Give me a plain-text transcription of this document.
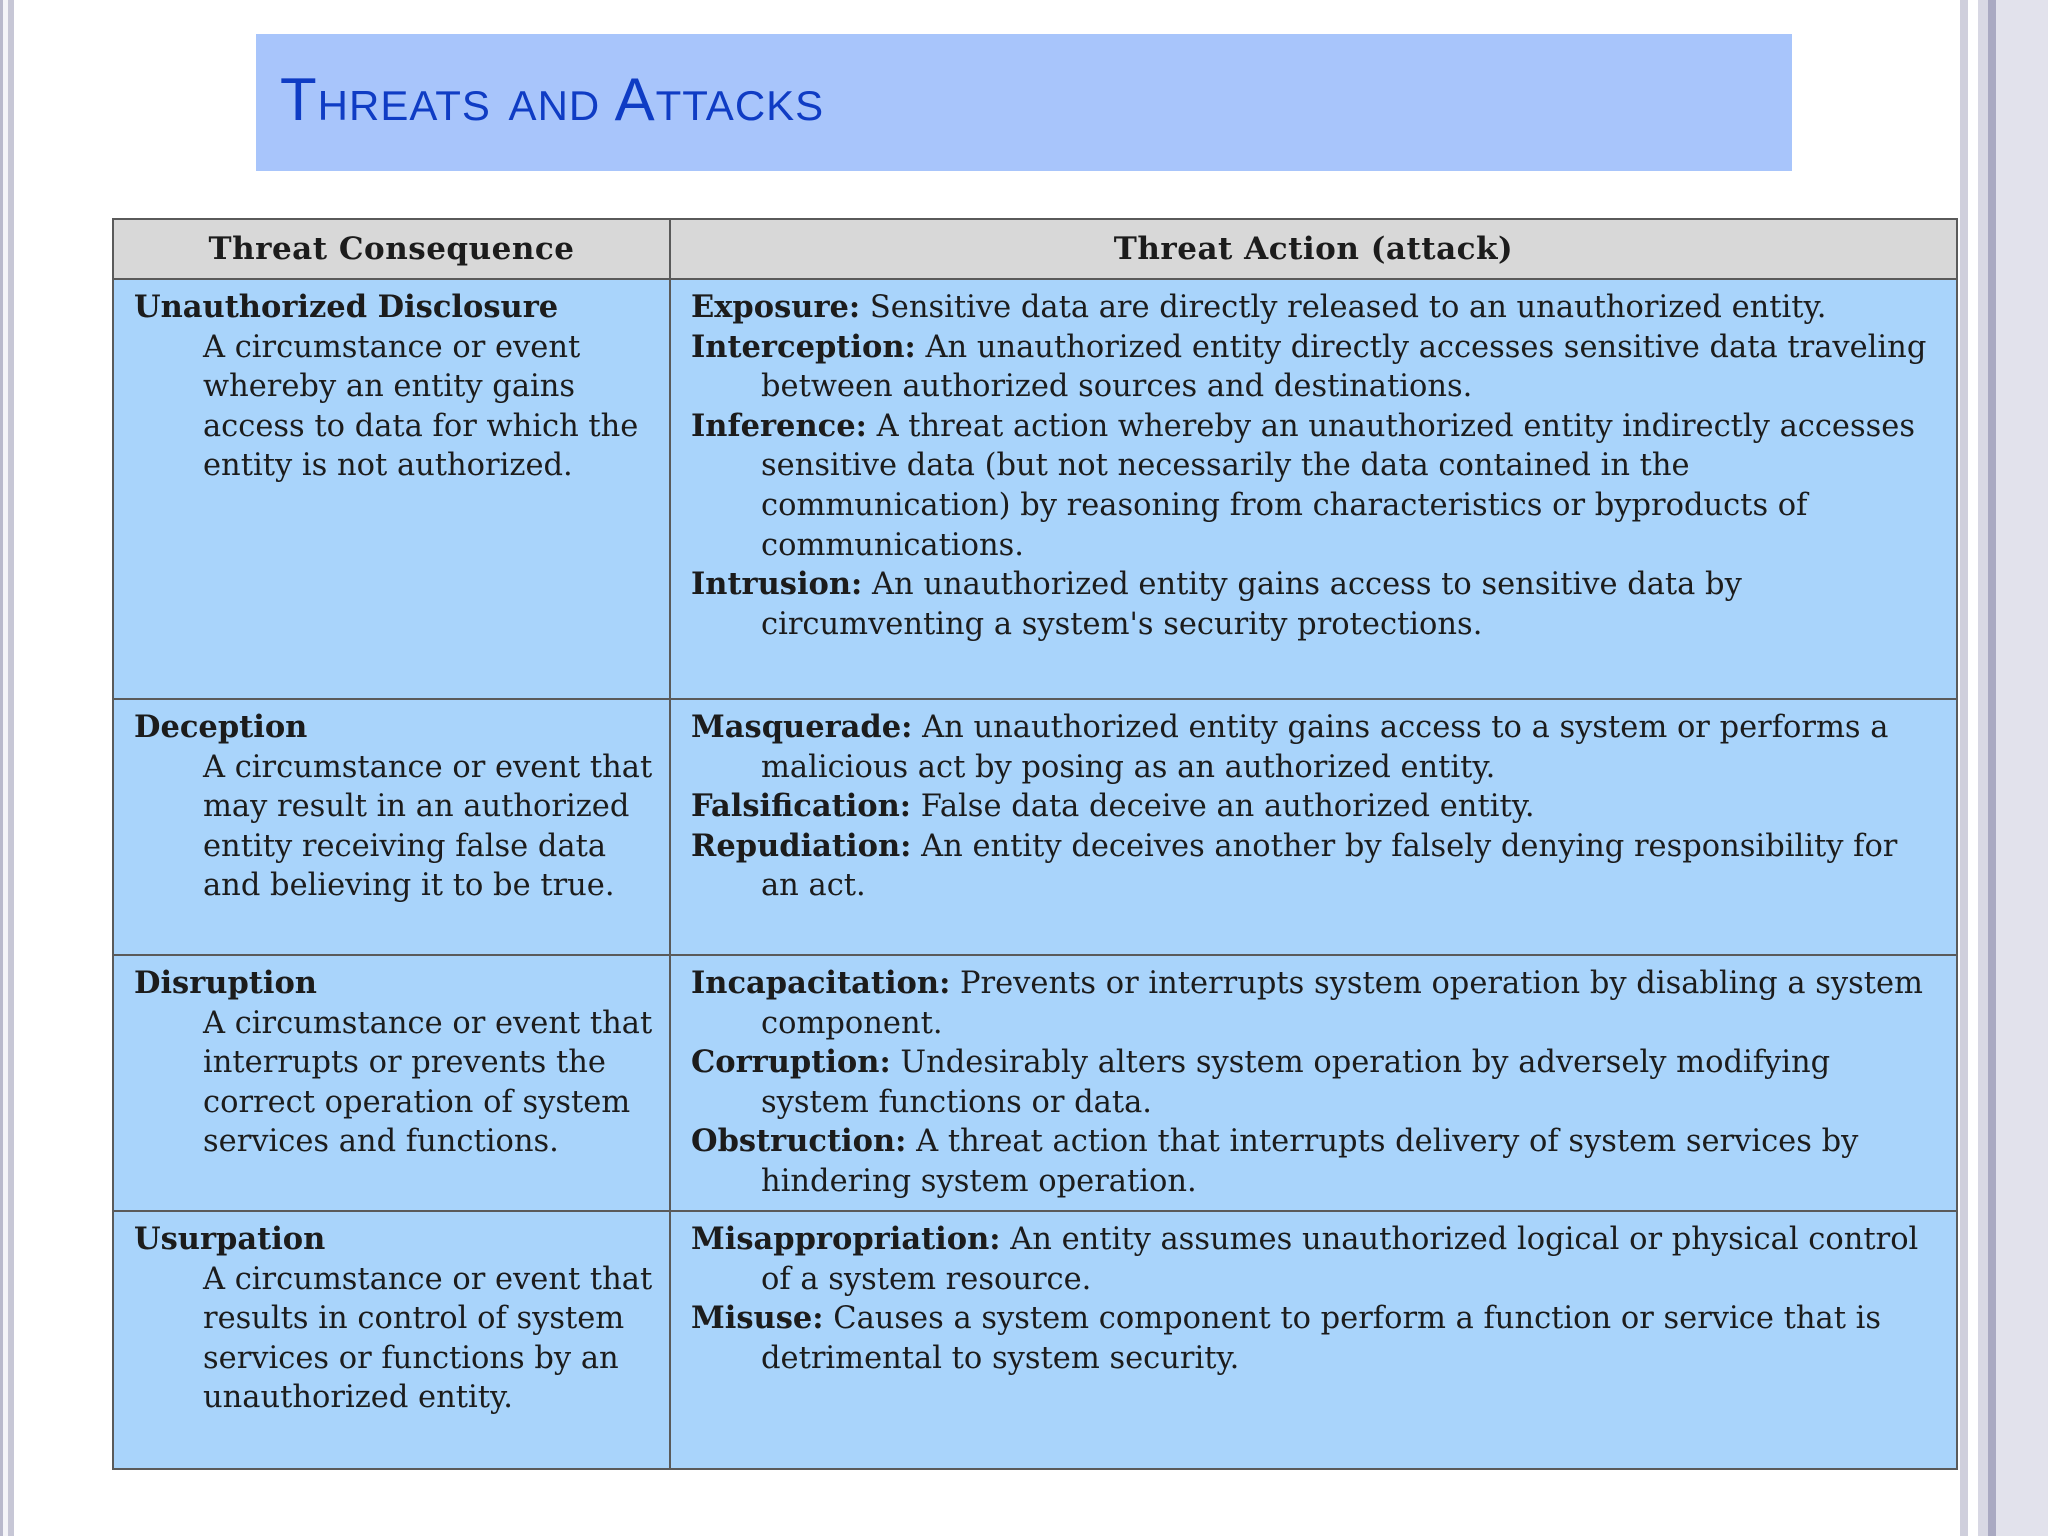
Threats and Attacks
Threat Consequence	Threat Action (attack)

Unauthorized Disclosure
A circumstance or event whereby an entity gains access to data for which the entity is not authorized.	Exposure: Sensitive data are directly released to an unauthorized entity.
Interception: An unauthorized entity directly accesses sensitive data traveling between authorized sources and destinations.
Inference: A threat action whereby an unauthorized entity indirectly accesses sensitive data (but not necessarily the data contained in the communication) by reasoning from characteristics or byproducts of communications.
Intrusion: An unauthorized entity gains access to sensitive data by circumventing a system's security protections.

Deception
A circumstance or event that may result in an authorized entity receiving false data and believing it to be true.	Masquerade: An unauthorized entity gains access to a system or performs a malicious act by posing as an authorized entity.
Falsification: False data deceive an authorized entity.
Repudiation: An entity deceives another by falsely denying responsibility for an act.

Disruption
A circumstance or event that interrupts or prevents the correct operation of system services and functions.	Incapacitation: Prevents or interrupts system operation by disabling a system component.
Corruption: Undesirably alters system operation by adversely modifying system functions or data.
Obstruction: A threat action that interrupts delivery of system services by hindering system operation.

Usurpation
A circumstance or event that results in control of system services or functions by an unauthorized entity.	Misappropriation: An entity assumes unauthorized logical or physical control of a system resource.
Misuse: Causes a system component to perform a function or service that is detrimental to system security.
